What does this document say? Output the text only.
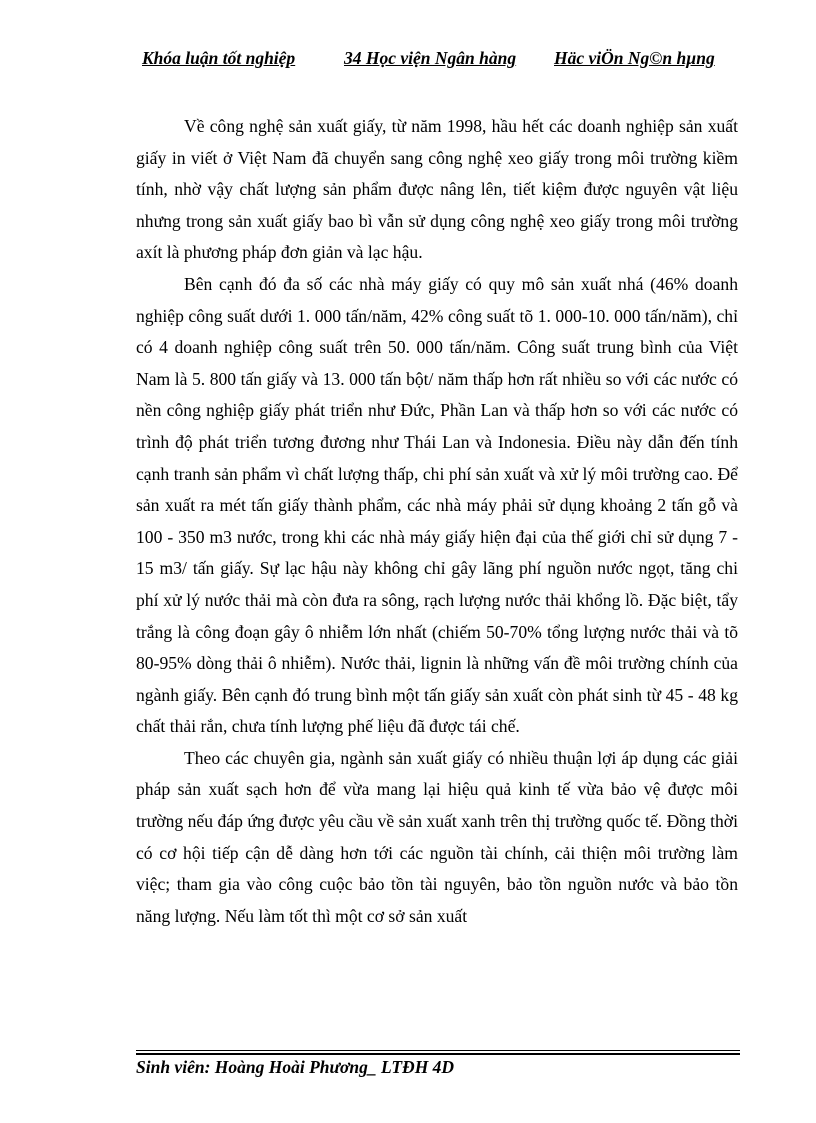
Khóa luận tốt nghiệp	34 Học viện Ngân hàng Häc viÖn Ng©n hµng

Về công nghệ sản xuất giấy, từ năm 1998, hầu hết các doanh nghiệp sản xuất giấy in viết ở Việt Nam đã chuyển sang công nghệ xeo giấy trong môi trường kiềm tính, nhờ vậy chất lượng sản phẩm được nâng lên, tiết kiệm được nguyên vật liệu nhưng trong sản xuất giấy bao bì vẫn sử dụng công nghệ xeo giấy trong môi trường axít là phương pháp đơn giản và lạc hậu.

Bên cạnh đó đa số các nhà máy giấy có quy mô sản xuất nhá (46% doanh nghiệp công suất dưới 1. 000 tấn/năm, 42% công suất tõ 1. 000-10. 000 tấn/năm), chỉ có 4 doanh nghiệp công suất trên 50. 000 tấn/năm. Công suất trung bình của Việt Nam là 5. 800 tấn giấy và 13. 000 tấn bột/ năm thấp hơn rất nhiều so với các nước có nền công nghiệp giấy phát triển như Đức, Phần Lan và thấp hơn so với các nước có trình độ phát triển tương đương như Thái Lan và Indonesia. Điều này dẫn đến tính cạnh tranh sản phẩm vì chất lượng thấp, chi phí sản xuất và xử lý môi trường cao. Để sản xuất ra mét tấn giấy thành phẩm, các nhà máy phải sử dụng khoảng 2 tấn gỗ và 100 - 350 m3 nước, trong khi các nhà máy giấy hiện đại của thế giới chỉ sử dụng 7 - 15 m3/ tấn giấy. Sự lạc hậu này không chỉ gây lãng phí nguồn nước ngọt, tăng chi phí xử lý nước thải mà còn đưa ra sông, rạch lượng nước thải khổng lồ. Đặc biệt, tẩy trắng là công đoạn gây ô nhiễm lớn nhất (chiếm 50-70% tổng lượng nước thải và tõ 80-95% dòng thải ô nhiễm). Nước thải, lignin là những vấn đề môi trường chính của ngành giấy. Bên cạnh đó trung bình một tấn giấy sản xuất còn phát sinh từ 45 - 48 kg chất thải rắn, chưa tính lượng phế liệu đã được tái chế.

Theo các chuyên gia, ngành sản xuất giấy có nhiều thuận lợi áp dụng các giải pháp sản xuất sạch hơn để vừa mang lại hiệu quả kinh tế vừa bảo vệ được môi trường nếu đáp ứng được yêu cầu về sản xuất xanh trên thị trường quốc tế. Đồng thời có cơ hội tiếp cận dễ dàng hơn tới các nguồn tài chính, cải thiện môi trường làm việc; tham gia vào công cuộc bảo tồn tài nguyên, bảo tồn nguồn nước và bảo tồn năng lượng. Nếu làm tốt thì một cơ sở sản xuất

Sinh viên: Hoàng Hoài Phương_ LTĐH 4D
